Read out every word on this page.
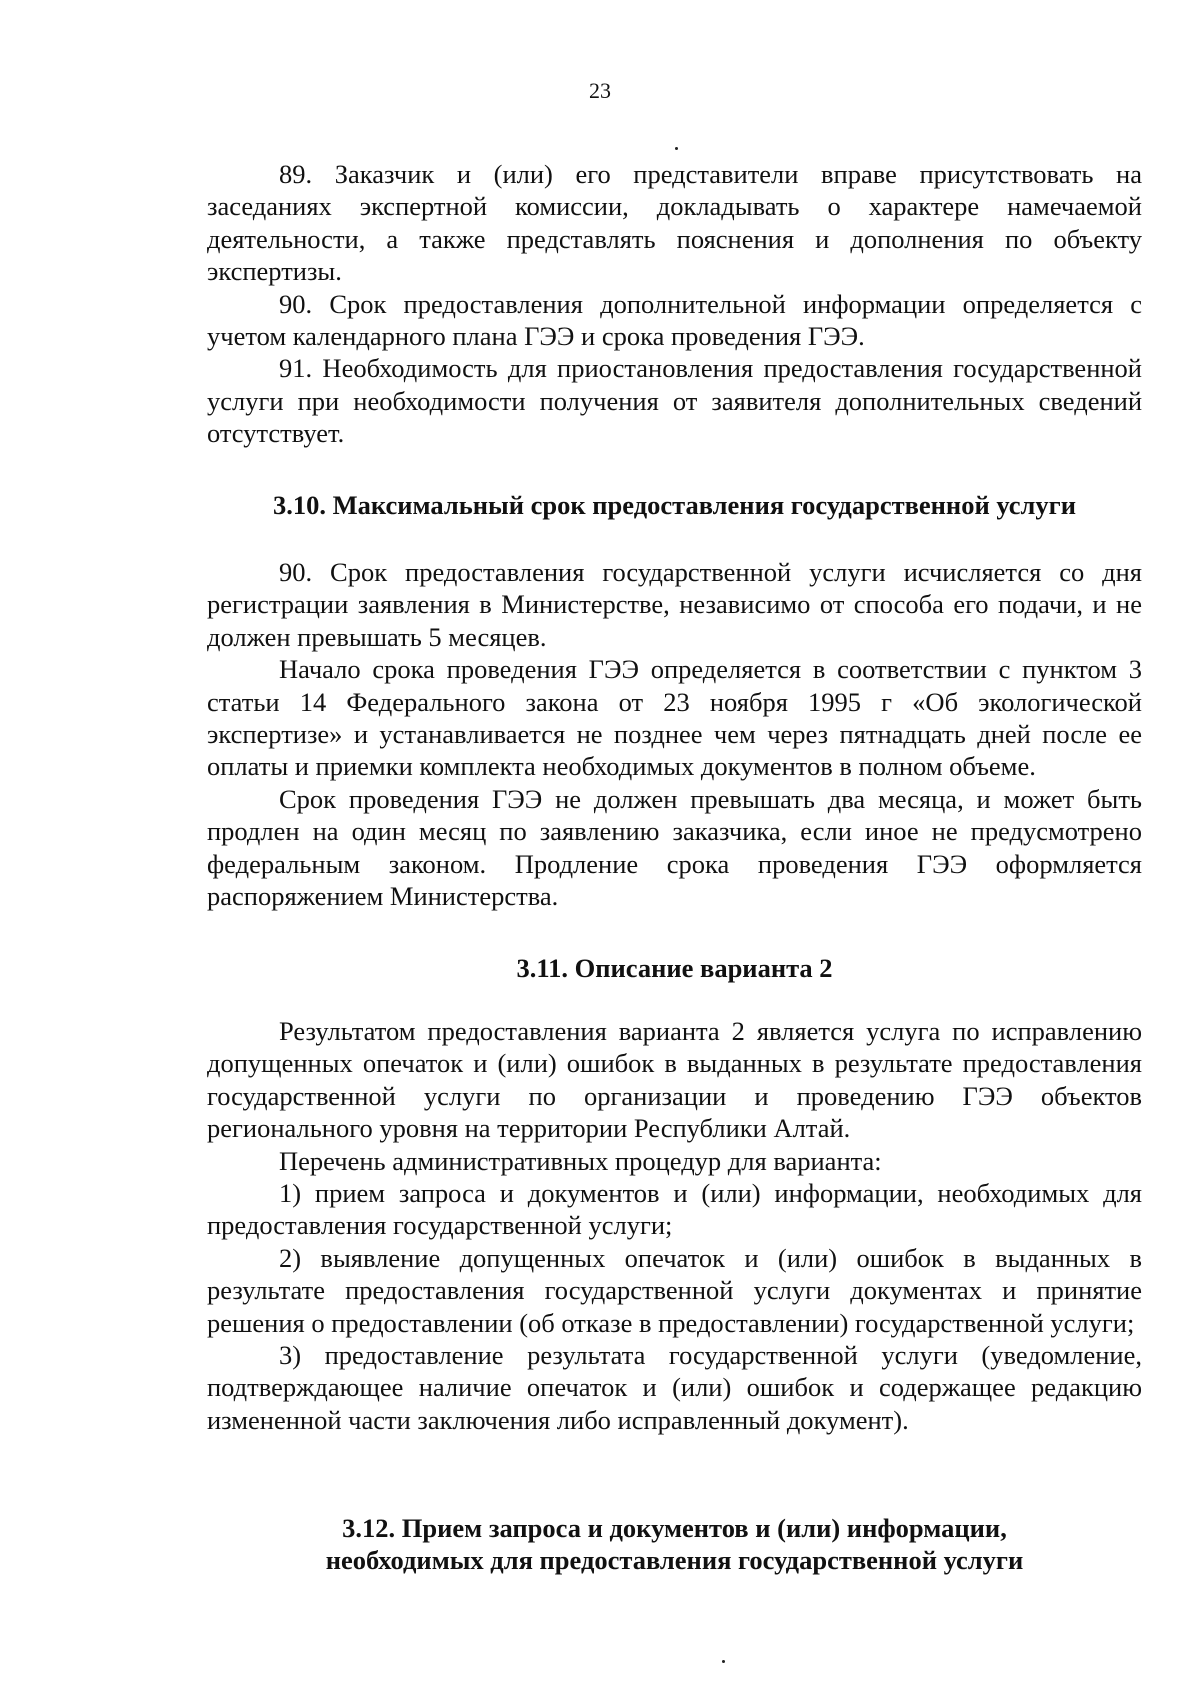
23

89. Заказчик и (или) его представители вправе присутствовать на заседаниях экспертной комиссии, докладывать о характере намечаемой деятельности, а также представлять пояснения и дополнения по объекту экспертизы.

90. Срок предоставления дополнительной информации определяется с учетом календарного плана ГЭЭ и срока проведения ГЭЭ.

91. Необходимость для приостановления предоставления государственной услуги при необходимости получения от заявителя дополнительных сведений отсутствует.

3.10. Максимальный срок предоставления государственной услуги

90. Срок предоставления государственной услуги исчисляется со дня регистрации заявления в Министерстве, независимо от способа его подачи, и не должен превышать 5 месяцев.

Начало срока проведения ГЭЭ определяется в соответствии с пунктом 3 статьи 14 Федерального закона от 23 ноября 1995 г «Об экологической экспертизе» и устанавливается не позднее чем через пятнадцать дней после ее оплаты и приемки комплекта необходимых документов в полном объеме.

Срок проведения ГЭЭ не должен превышать два месяца, и может быть продлен на один месяц по заявлению заказчика, если иное не предусмотрено федеральным законом. Продление срока проведения ГЭЭ оформляется распоряжением Министерства.

3.11. Описание варианта 2

Результатом предоставления варианта 2 является услуга по исправлению допущенных опечаток и (или) ошибок в выданных в результате предоставления государственной услуги по организации и проведению ГЭЭ объектов регионального уровня на территории Республики Алтай.

Перечень административных процедур для варианта:

1) прием запроса и документов и (или) информации, необходимых для предоставления государственной услуги;

2) выявление допущенных опечаток и (или) ошибок в выданных в результате предоставления государственной услуги документах и принятие решения о предоставлении (об отказе в предоставлении) государственной услуги;

3) предоставление результата государственной услуги (уведомление, подтверждающее наличие опечаток и (или) ошибок и содержащее редакцию измененной части заключения либо исправленный документ).

3.12. Прием запроса и документов и (или) информации,
необходимых для предоставления государственной услуги
